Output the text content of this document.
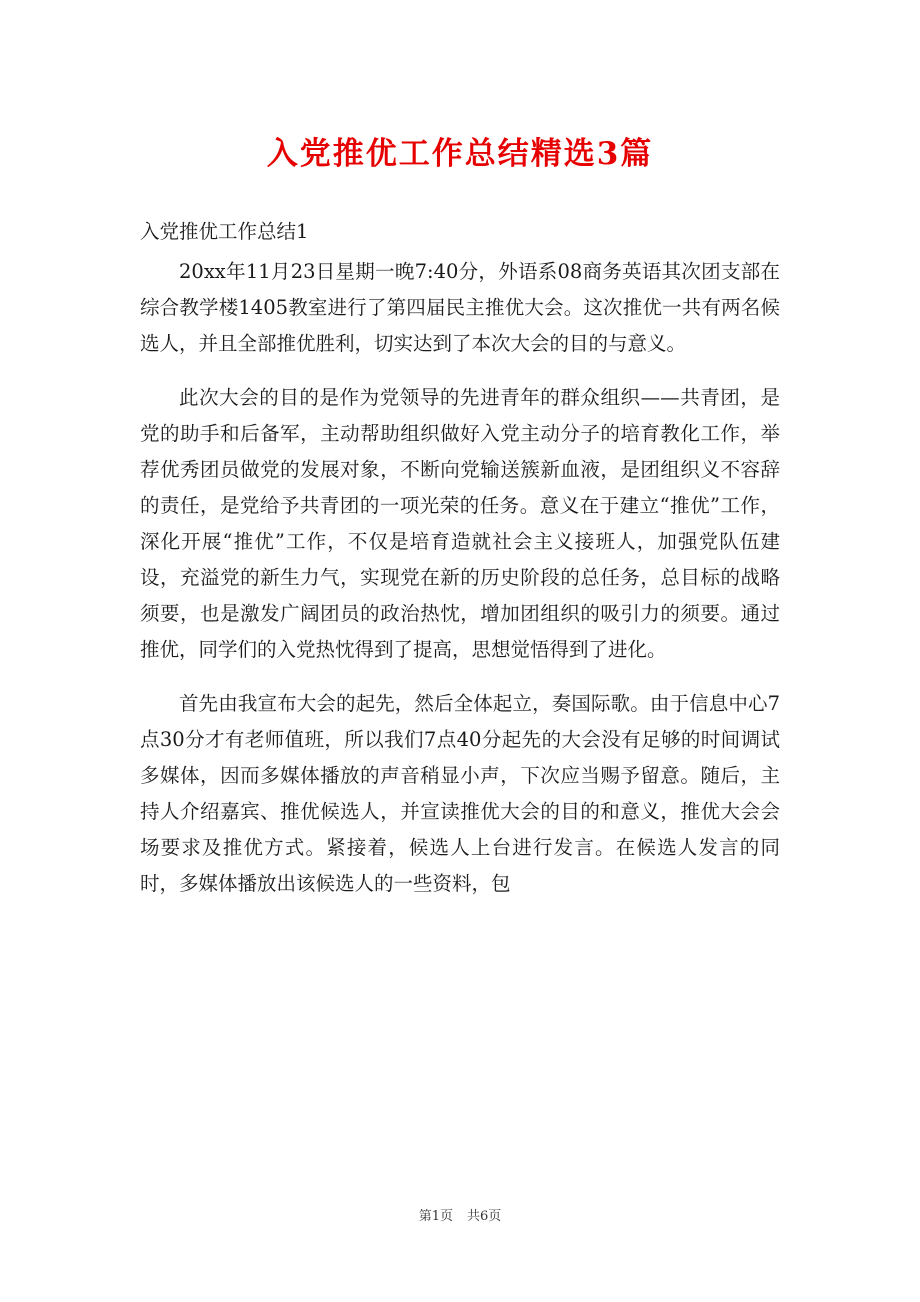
入党推优工作总结精选3篇
入党推优工作总结1

20xx年11月23日星期一晚7:40分，外语系08商务英语其次团支部在综合教学楼1405教室进行了第四届民主推优大会。这次推优一共有两名候选人，并且全部推优胜利，切实达到了本次大会的目的与意义。

此次大会的目的是作为党领导的先进青年的群众组织——共青团，是党的助手和后备军，主动帮助组织做好入党主动分子的培育教化工作，举荐优秀团员做党的发展对象，不断向党输送簇新血液，是团组织义不容辞的责任，是党给予共青团的一项光荣的任务。意义在于建立“推优”工作，深化开展“推优”工作，不仅是培育造就社会主义接班人，加强党队伍建设，充溢党的新生力气，实现党在新的历史阶段的总任务，总目标的战略须要，也是激发广阔团员的政治热忱，增加团组织的吸引力的须要。通过推优，同学们的入党热忱得到了提高，思想觉悟得到了进化。

首先由我宣布大会的起先，然后全体起立，奏国际歌。由于信息中心7点30分才有老师值班，所以我们7点40分起先的大会没有足够的时间调试多媒体，因而多媒体播放的声音稍显小声，下次应当赐予留意。随后，主持人介绍嘉宾、推优候选人，并宣读推优大会的目的和意义，推优大会会场要求及推优方式。紧接着，候选人上台进行发言。在候选人发言的同时，多媒体播放出该候选人的一些资料，包

第1页 共6页
